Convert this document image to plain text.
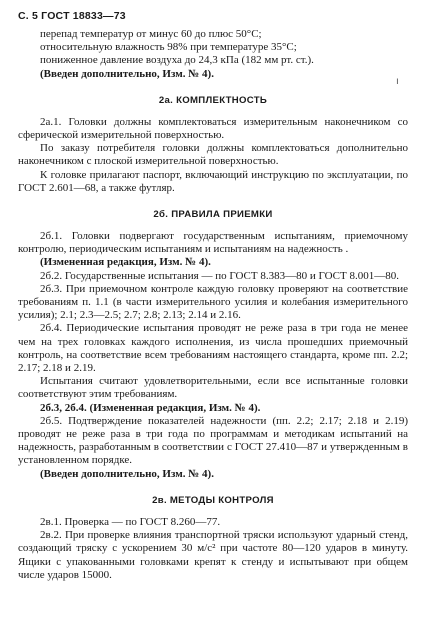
С. 5 ГОСТ 18833—73
ı

перепад температур от минус 60 до плюс 50°С;

относительную влажность 98% при температуре 35°С;

пониженное давление воздуха до 24,3 кПа (182 мм рт. ст.).

(Введен дополнительно, Изм. № 4).

2а. КОМПЛЕКТНОСТЬ

2а.1. Головки должны комплектоваться измерительным наконечником со сферической измерительной поверхностью.

По заказу потребителя головки должны комплектоваться дополнительно наконечником с плоской измерительной поверхностью.

К головке прилагают паспорт, включающий инструкцию по эксплуатации, по ГОСТ 2.601—68, а также футляр.

2б. ПРАВИЛА ПРИЕМКИ

2б.1. Головки подвергают государственным испытаниям, приемочному контролю, периодическим испытаниям и испытаниям на надежность .

(Измененная редакция, Изм. № 4).

2б.2. Государственные испытания — по ГОСТ 8.383—80 и ГОСТ 8.001—80.

2б.3. При приемочном контроле каждую головку проверяют на соответствие требованиям п. 1.1 (в части измерительного усилия и колебания измерительного усилия); 2.1; 2.3—2.5; 2.7; 2.8; 2.13; 2.14 и 2.16.

2б.4. Периодические испытания проводят не реже раза в три года не менее чем на трех головках каждого исполнения, из числа прошедших приемочный контроль, на соответствие всем требованиям настоящего стандарта, кроме пп. 2.2; 2.17; 2.18 и 2.19.

Испытания считают удовлетворительными, если все испытанные головки соответствуют этим требованиям.

2б.3, 2б.4. (Измененная редакция, Изм. № 4).

2б.5. Подтверждение показателей надежности (пп. 2.2; 2.17; 2.18 и 2.19) проводят не реже раза в три года по программам и методикам испытаний на надежность, разработанным в соответствии с ГОСТ 27.410—87 и утвержденным в установленном порядке.

(Введен дополнительно, Изм. № 4).

2в. МЕТОДЫ КОНТРОЛЯ

2в.1. Проверка — по ГОСТ 8.260—77.

2в.2. При проверке влияния транспортной тряски используют ударный стенд, создающий тряску с ускорением 30 м/с² при частоте 80—120 ударов в минуту. Ящики с упакованными головками крепят к стенду и испытывают при общем числе ударов 15000.
